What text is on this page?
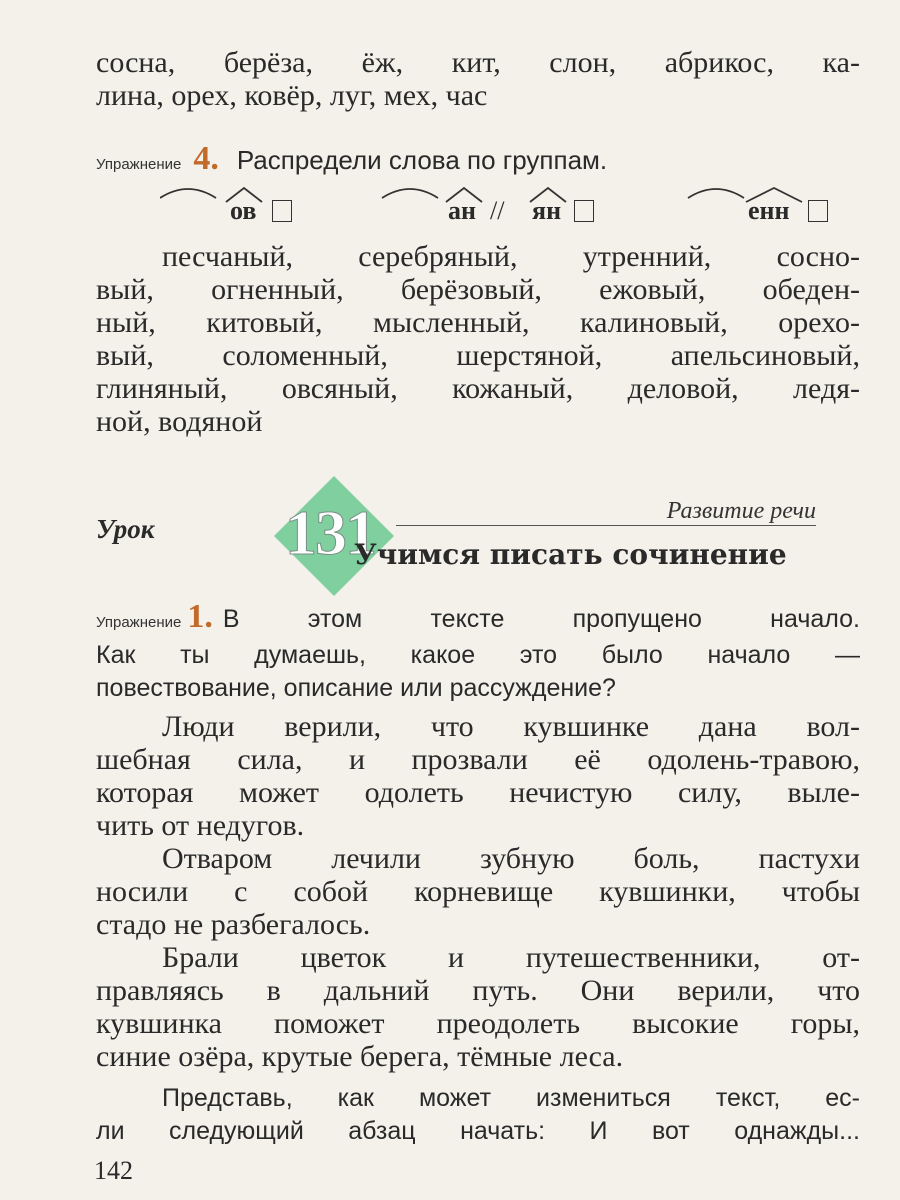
сосна, берёза, ёж, кит, слон, абрикос, ка-
лина, орех, ковёр, луг, мех, час
Упражнение 4. Распредели слова по группам.
ов	ан // ян	енн
песчаный, серебряный, утренний, сосно-
вый, огненный, берёзовый, ежовый, обеден-
ный, китовый, мысленный, калиновый, орехо-
вый, соломенный, шерстяной, апельсиновый,
глиняный, овсяный, кожаный, деловой, ледя-
ной, водяной
Урок 131	Развитие речи
Учимся писать сочинение
Упражнение 1. В этом тексте пропущено начало.
Как ты думаешь, какое это было начало —
повествование, описание или рассуждение?
Люди верили, что кувшинке дана вол-
шебная сила, и прозвали её одолень-травою,
которая может одолеть нечистую силу, выле-
чить от недугов.
Отваром лечили зубную боль, пастухи
носили с собой корневище кувшинки, чтобы
стадо не разбегалось.
Брали цветок и путешественники, от-
правляясь в дальний путь. Они верили, что
кувшинка поможет преодолеть высокие горы,
синие озёра, крутые берега, тёмные леса.
Представь, как может измениться текст, ес-
ли следующий абзац начать: И вот однажды...
142
